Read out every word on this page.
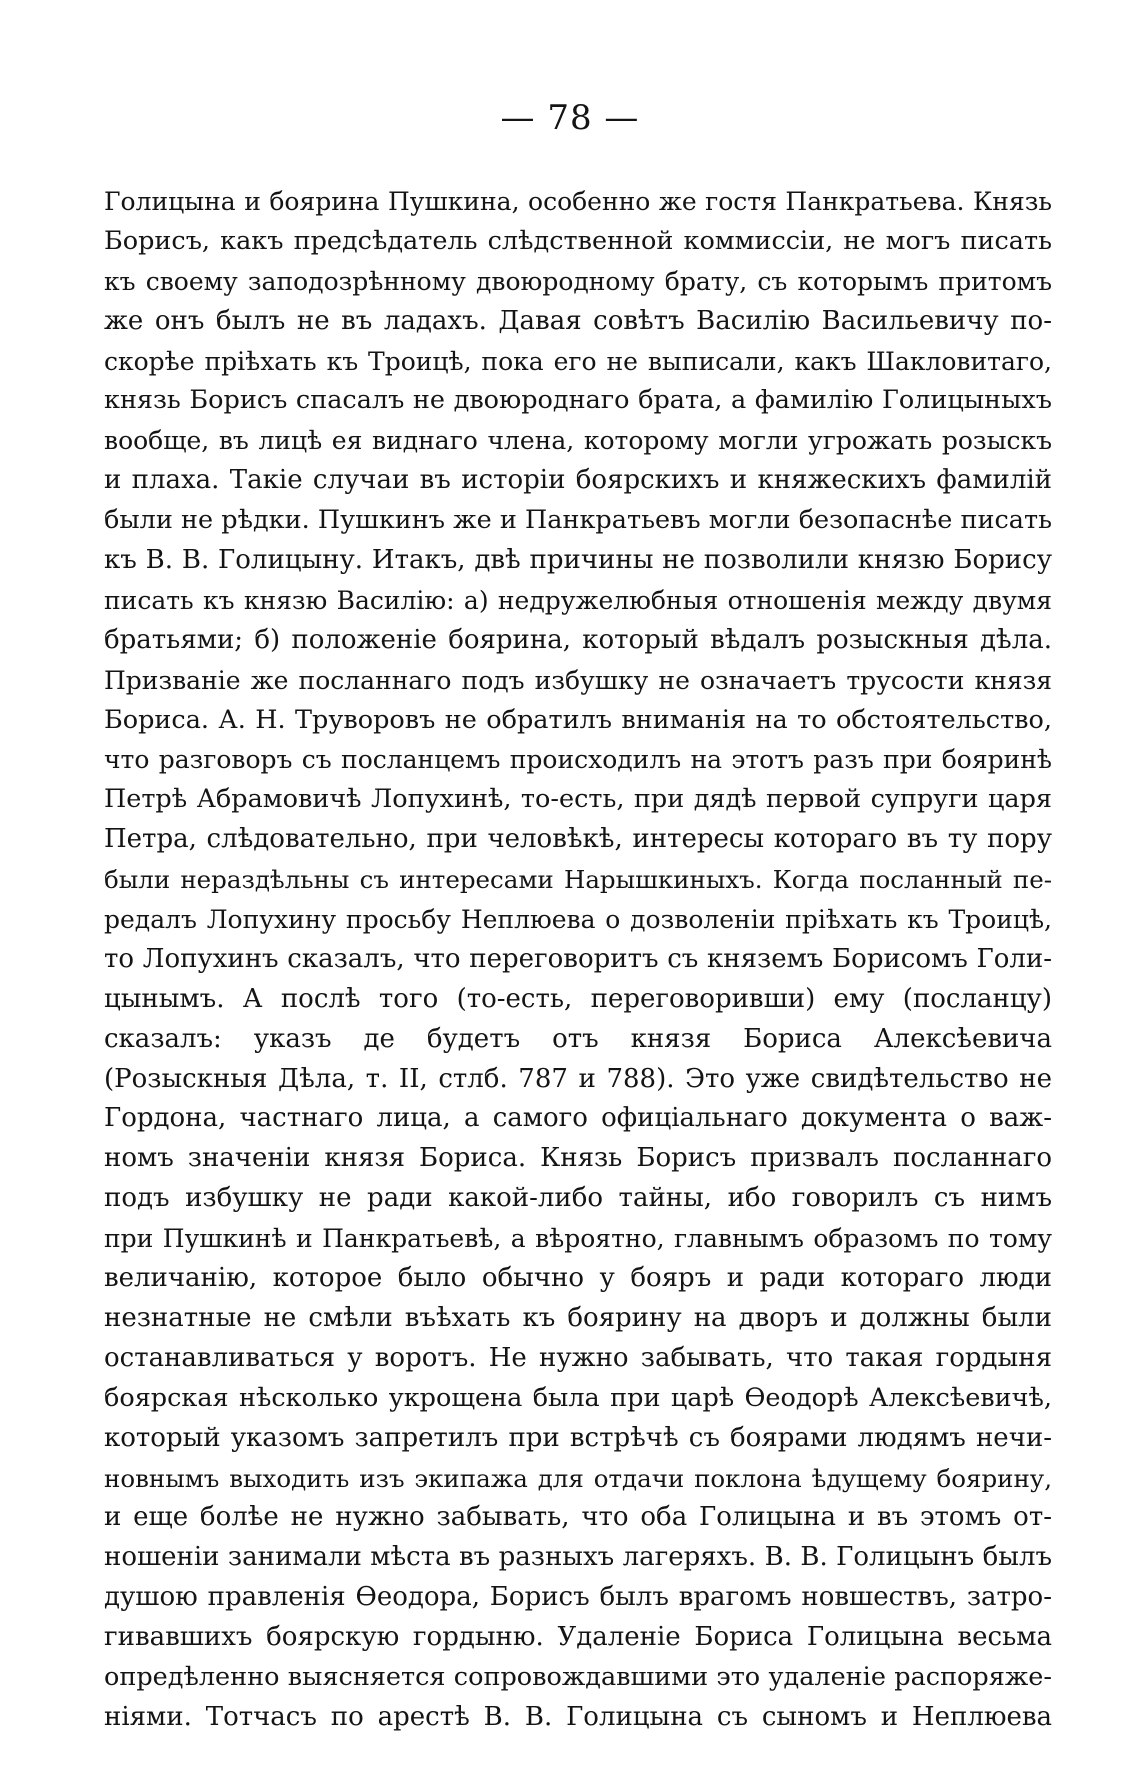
— 78 —

Голицына и боярина Пушкина, особенно же гостя Панкратьева. Князь
Борисъ, какъ предсѣдатель слѣдственной коммиссіи, не могъ писать
къ своему заподозрѣнному двоюродному брату, съ которымъ притомъ
же онъ былъ не въ ладахъ. Давая совѣтъ Василію Васильевичу по-
скорѣе пріѣхать къ Троицѣ, пока его не выписали, какъ Шакловитаго,
князь Борисъ спасалъ не двоюроднаго брата, а фамилію Голицыныхъ
вообще, въ лицѣ ея виднаго члена, которому могли угрожать розыскъ
и плаха. Такіе случаи въ исторіи боярскихъ и княжескихъ фамилій
были не рѣдки. Пушкинъ же и Панкратьевъ могли безопаснѣе писать
къ В. В. Голицыну. Итакъ, двѣ причины не позволили князю Борису
писать къ князю Василію: а) недружелюбныя отношенія между двумя
братьями; б) положеніе боярина, который вѣдалъ розыскныя дѣла.
Призваніе же посланнаго подъ избушку не означаетъ трусости князя
Бориса. А. Н. Труворовъ не обратилъ вниманія на то обстоятельство,
что разговоръ съ посланцемъ происходилъ на этотъ разъ при бояринѣ
Петрѣ Абрамовичѣ Лопухинѣ, то-есть, при дядѣ первой супруги царя
Петра, слѣдовательно, при человѣкѣ, интересы котораго въ ту пору
были нераздѣльны съ интересами Нарышкиныхъ. Когда посланный пе-
редалъ Лопухину просьбу Неплюева о дозволеніи пріѣхать къ Троицѣ,
то Лопухинъ сказалъ, что переговоритъ съ княземъ Борисомъ Голи-
цынымъ. А послѣ того (то-есть, переговоривши) ему (посланцу)
сказалъ: указъ де будетъ отъ князя Бориса Алексѣевича
(Розыскныя Дѣла, т. II, стлб. 787 и 788). Это уже свидѣтельство не
Гордона, частнаго лица, а самого офиціальнаго документа о важ-
номъ значеніи князя Бориса. Князь Борисъ призвалъ посланнаго
подъ избушку не ради какой-либо тайны, ибо говорилъ съ нимъ
при Пушкинѣ и Панкратьевѣ, а вѣроятно, главнымъ образомъ по тому
величанію, которое было обычно у бояръ и ради котораго люди
незнатные не смѣли въѣхать къ боярину на дворъ и должны были
останавливаться у воротъ. Не нужно забывать, что такая гордыня
боярская нѣсколько укрощена была при царѣ Ѳеодорѣ Алексѣевичѣ,
который указомъ запретилъ при встрѣчѣ съ боярами людямъ нечи-
новнымъ выходить изъ экипажа для отдачи поклона ѣдущему боярину,
и еще болѣе не нужно забывать, что оба Голицына и въ этомъ от-
ношеніи занимали мѣста въ разныхъ лагеряхъ. В. В. Голицынъ былъ
душою правленія Ѳеодора, Борисъ былъ врагомъ новшествъ, затро-
гивавшихъ боярскую гордыню. Удаленіе Бориса Голицына весьма
опредѣленно выясняется сопровождавшими это удаленіе распоряже-
ніями. Тотчасъ по арестѣ В. В. Голицына съ сыномъ и Неплюева
